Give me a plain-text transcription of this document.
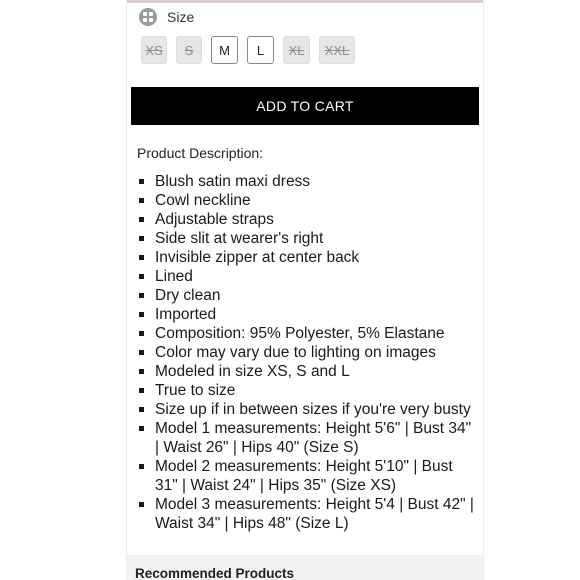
Size
XS	S	M	L	XL	XXL
ADD TO CART
Product Description:
Blush satin maxi dress
Cowl neckline
Adjustable straps
Side slit at wearer's right
Invisible zipper at center back
Lined
Dry clean
Imported
Composition: 95% Polyester, 5% Elastane
Color may vary due to lighting on images
Modeled in size XS, S and L
True to size
Size up if in between sizes if you're very busty
Model 1 measurements: Height 5'6" | Bust 34" | Waist 26" | Hips 40" (Size S)
Model 2 measurements: Height 5'10" | Bust 31" | Waist 24" | Hips 35" (Size XS)
Model 3 measurements: Height 5'4 | Bust 42" | Waist 34" | Hips 48" (Size L)
Recommended Products
